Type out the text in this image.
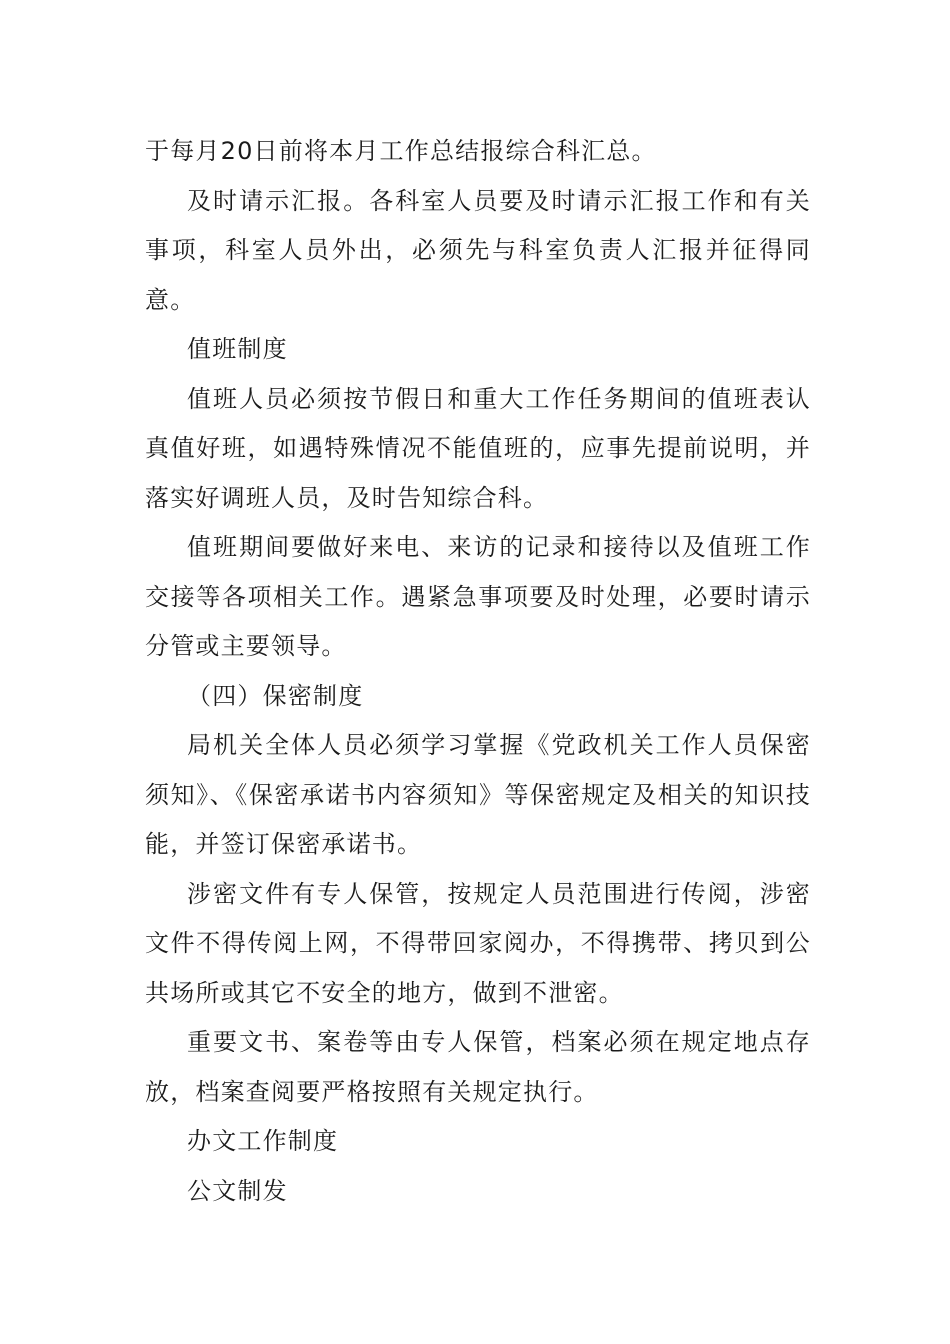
于每月20日前将本月工作总结报综合科汇总。

及时请示汇报。各科室人员要及时请示汇报工作和有关事项，科室人员外出，必须先与科室负责人汇报并征得同意。

值班制度

值班人员必须按节假日和重大工作任务期间的值班表认真值好班，如遇特殊情况不能值班的，应事先提前说明，并落实好调班人员，及时告知综合科。

值班期间要做好来电、来访的记录和接待以及值班工作交接等各项相关工作。遇紧急事项要及时处理，必要时请示分管或主要领导。

（四）保密制度

局机关全体人员必须学习掌握《党政机关工作人员保密须知》、《保密承诺书内容须知》等保密规定及相关的知识技能，并签订保密承诺书。

涉密文件有专人保管，按规定人员范围进行传阅，涉密文件不得传阅上网，不得带回家阅办，不得携带、拷贝到公共场所或其它不安全的地方，做到不泄密。

重要文书、案卷等由专人保管，档案必须在规定地点存放，档案查阅要严格按照有关规定执行。

办文工作制度

公文制发
